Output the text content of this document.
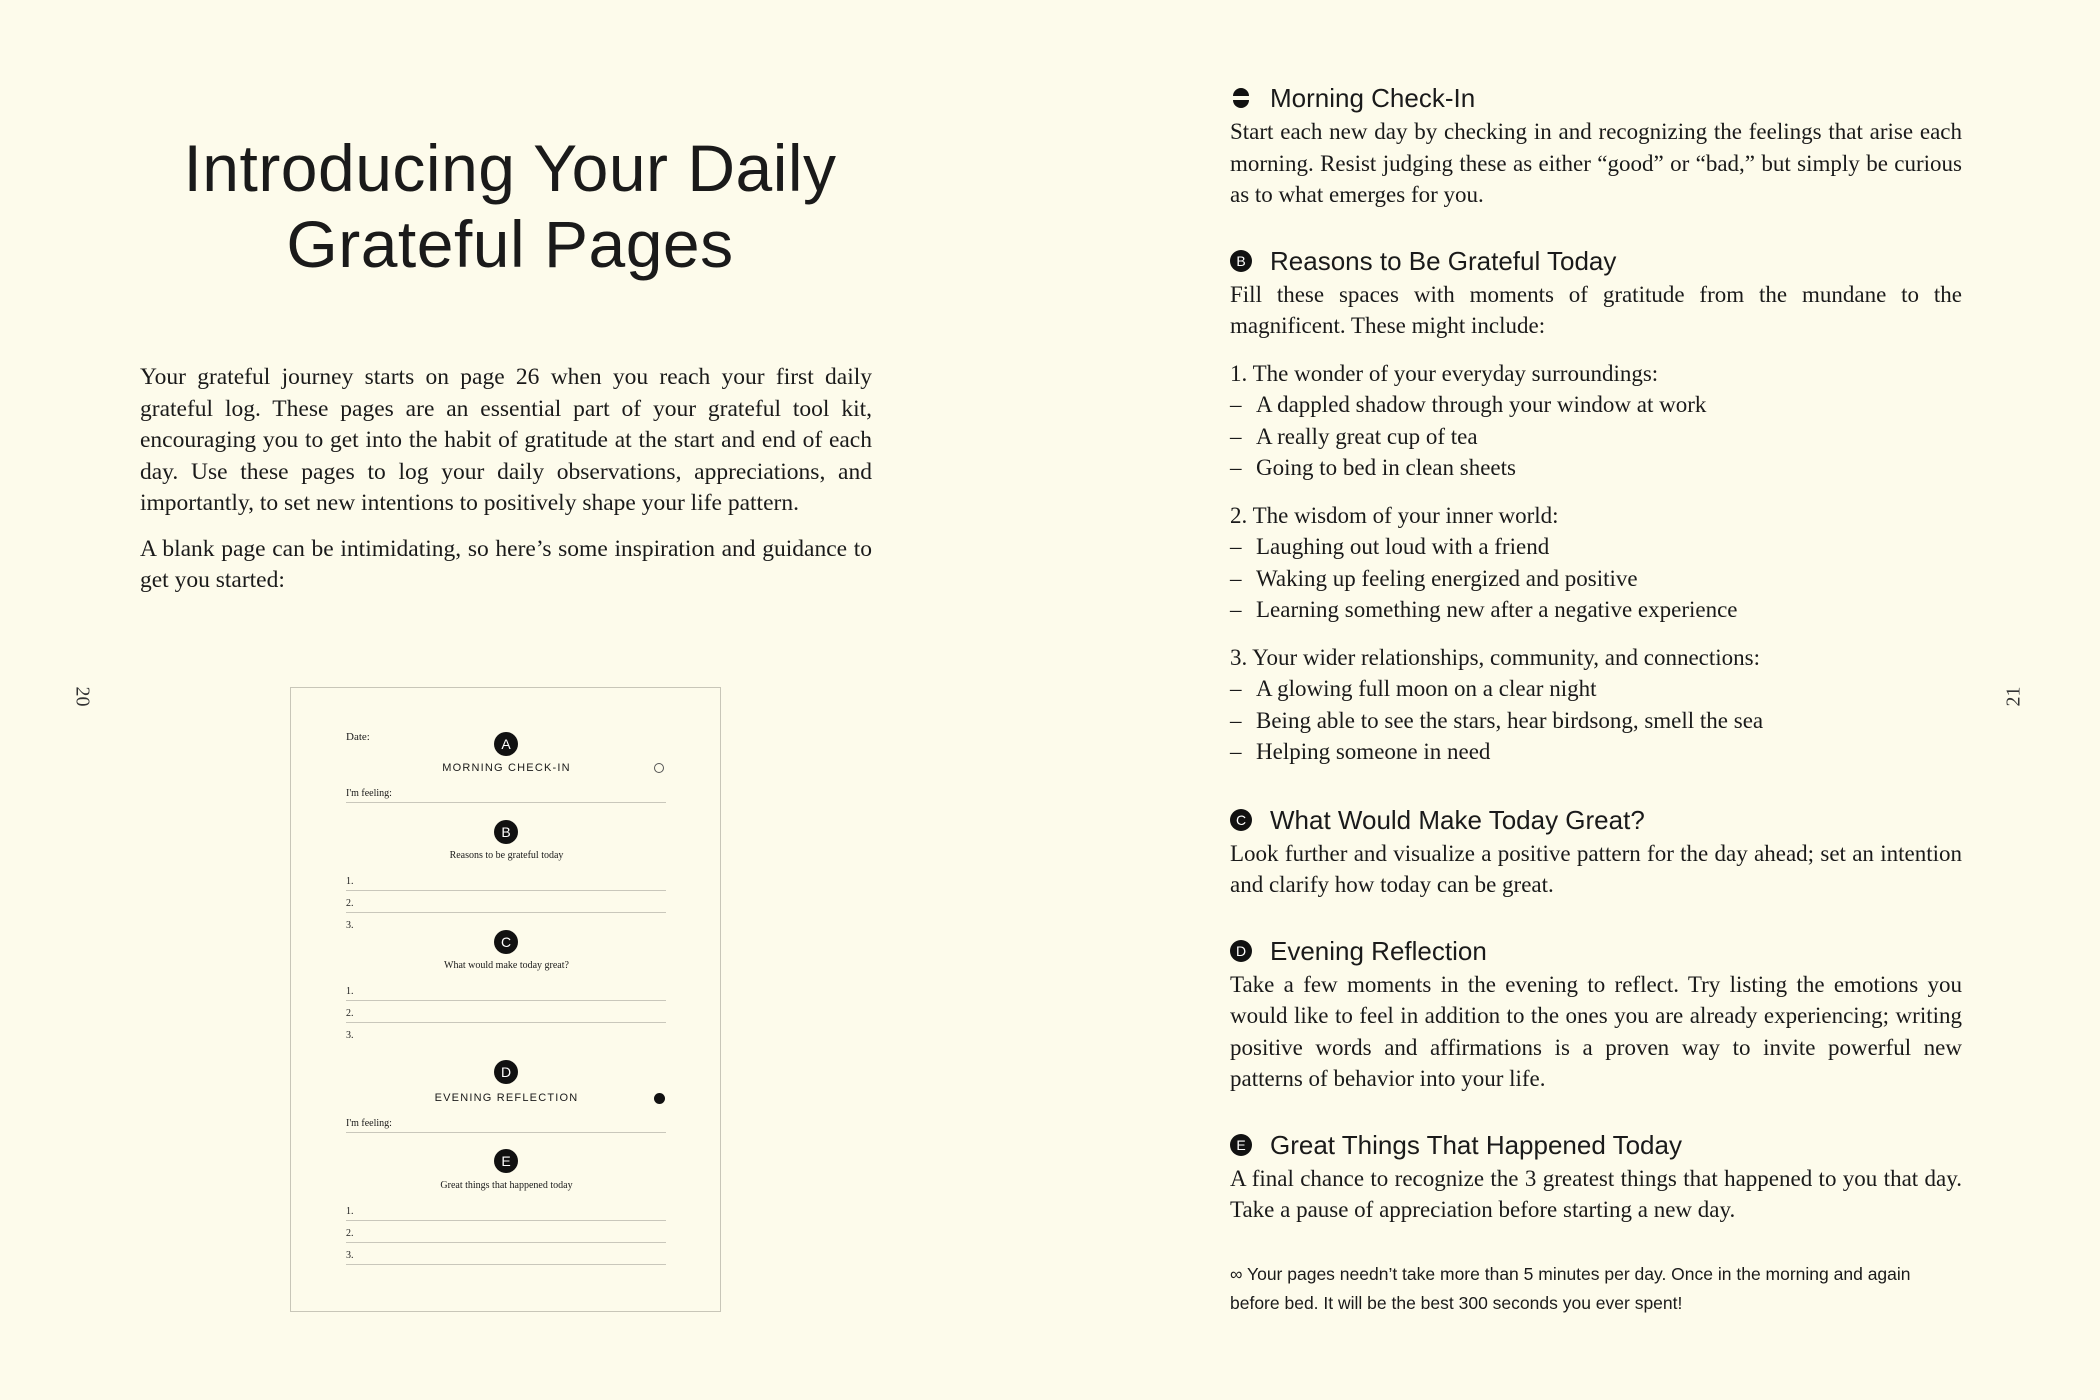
20
Introducing Your Daily
Grateful Pages

Your grateful journey starts on page 26 when you reach your first daily grateful log. These pages are an essential part of your grateful tool kit, encouraging you to get into the habit of gratitude at the start and end of each day. Use these pages to log your daily observations, appreciations, and importantly, to set new intentions to positively shape your life pattern.

A blank page can be intimidating, so here’s some inspiration and guidance to get you started:

Date:	A
MORNING CHECK-IN
I'm feeling:
B
Reasons to be grateful today
1.
2.
3.
C
What would make today great?
1.
2.
3.
D
EVENING REFLECTION
I'm feeling:
E
Great things that happened today
1.
2.
3.
21
Morning Check-In

Start each new day by checking in and recognizing the feelings that arise each morning. Resist judging these as either “good” or “bad,” but simply be curious as to what emerges for you.

B Reasons to Be Grateful Today

Fill these spaces with moments of gratitude from the mundane to the magnificent. These might include:

1. The wonder of your everyday surroundings:
– A dappled shadow through your window at work
– A really great cup of tea
– Going to bed in clean sheets
2. The wisdom of your inner world:
– Laughing out loud with a friend
– Waking up feeling energized and positive
– Learning something new after a negative experience
3. Your wider relationships, community, and connections:
– A glowing full moon on a clear night
– Being able to see the stars, hear birdsong, smell the sea
– Helping someone in need
C What Would Make Today Great?

Look further and visualize a positive pattern for the day ahead; set an intention and clarify how today can be great.

D Evening Reflection

Take a few moments in the evening to reflect. Try listing the emotions you would like to feel in addition to the ones you are already experiencing; writing positive words and affirmations is a proven way to invite powerful new patterns of behavior into your life.

E Great Things That Happened Today

A final chance to recognize the 3 greatest things that happened to you that day. Take a pause of appreciation before starting a new day.

∞ Your pages needn’t take more than 5 minutes per day. Once in the morning and again before bed. It will be the best 300 seconds you ever spent!
